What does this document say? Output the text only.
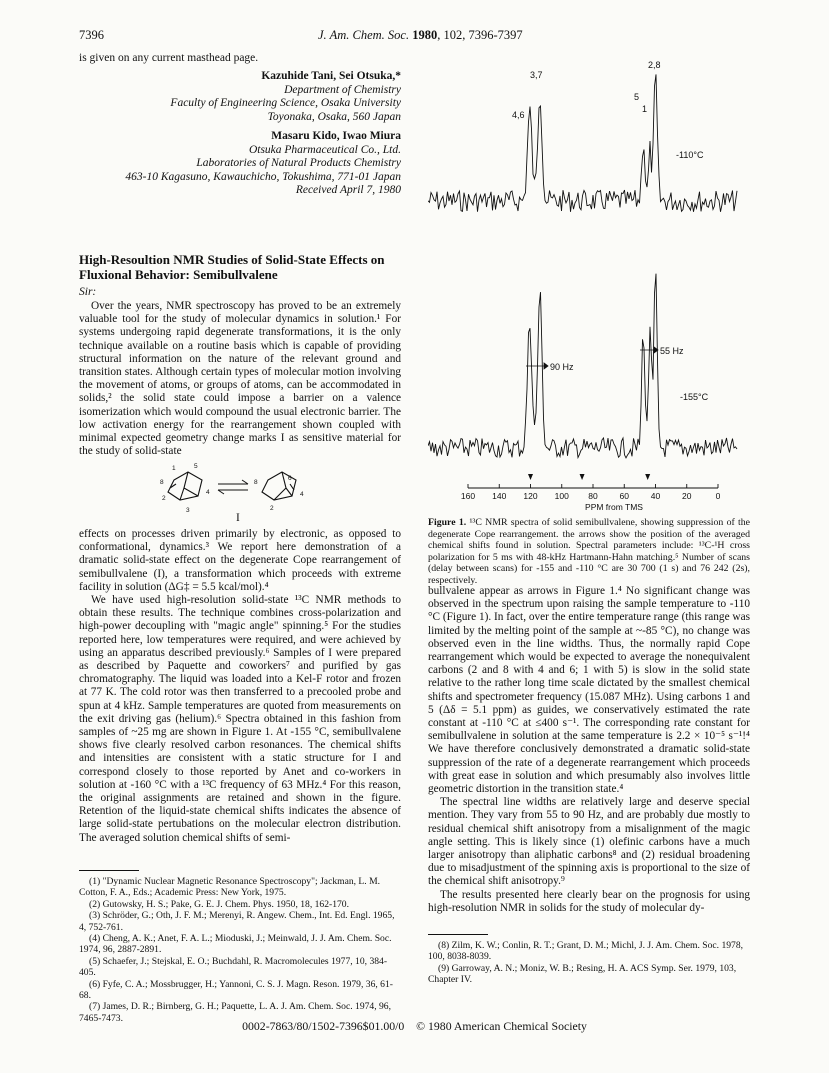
7396	J. Am. Chem. Soc. 1980, 102, 7396-7397
is given on any current masthead page.
Kazuhide Tani, Sei Otsuka,*
Department of Chemistry
Faculty of Engineering Science, Osaka University
Toyonaka, Osaka, 560 Japan
Masaru Kido, Iwao Miura
Otsuka Pharmaceutical Co., Ltd.
Laboratories of Natural Products Chemistry
463-10 Kagasuno, Kawauchicho, Tokushima, 771-01 Japan
Received April 7, 1980
High-Resoultion NMR Studies of Solid-State Effects on Fluxional Behavior: Semibullvalene
Sir:

Over the years, NMR spectroscopy has proved to be an extremely valuable tool for the study of molecular dynamics in solution.¹ For systems undergoing rapid degenerate transformations, it is the only technique available on a routine basis which is capable of providing structural information on the nature of the relevant ground and transition states. Although certain types of molecular motion involving the movement of atoms, or groups of atoms, can be accommodated in solids,² the solid state could impose a barrier on a valence isomerization which would compound the usual electronic barrier. The low activation energy for the rearrangement shown coupled with minimal expected geometry change marks I as sensitive material for the study of solid-state

1	5
8
2
4
3
8
2
6
4
I

effects on processes driven primarily by electronic, as opposed to conformational, dynamics.³ We report here demonstration of a dramatic solid-state effect on the degenerate Cope rearrangement of semibullvalene (I), a transformation which proceeds with extreme facility in solution (ΔG‡ = 5.5 kcal/mol).⁴

We have used high-resolution solid-state ¹³C NMR methods to obtain these results. The technique combines cross-polarization and high-power decoupling with "magic angle" spinning.⁵ For the studies reported here, low temperatures were required, and were achieved by using an apparatus described previously.⁶ Samples of I were prepared as described by Paquette and coworkers⁷ and purified by gas chromatography. The liquid was loaded into a Kel-F rotor and frozen at 77 K. The cold rotor was then transferred to a precooled probe and spun at 4 kHz. Sample temperatures are quoted from measurements on the exit driving gas (helium).⁶ Spectra obtained in this fashion from samples of ~25 mg are shown in Figure 1. At -155 °C, semibullvalene shows five clearly resolved carbon resonances. The chemical shifts and intensities are consistent with a static structure for I and correspond closely to those reported by Anet and co-workers in solution at -160 °C with a ¹³C frequency of 63 MHz.⁴ For this reason, the original assignments are retained and shown in the figure. Retention of the liquid-state chemical shifts indicates the absence of large solid-state pertubations on the molecular electron distribution. The averaged solution chemical shifts of semi-

(1) "Dynamic Nuclear Magnetic Resonance Spectroscopy"; Jackman, L. M. Cotton, F. A., Eds.; Academic Press: New York, 1975.
(2) Gutowsky, H. S.; Pake, G. E. J. Chem. Phys. 1950, 18, 162-170.
(3) Schröder, G.; Oth, J. F. M.; Merenyi, R. Angew. Chem., Int. Ed. Engl. 1965, 4, 752-761.
(4) Cheng, A. K.; Anet, F. A. L.; Mioduski, J.; Meinwald, J. J. Am. Chem. Soc. 1974, 96, 2887-2891.
(5) Schaefer, J.; Stejskal, E. O.; Buchdahl, R. Macromolecules 1977, 10, 384-405.
(6) Fyfe, C. A.; Mossbrugger, H.; Yannoni, C. S. J. Magn. Reson. 1979, 36, 61-68.
(7) James, D. R.; Birnberg, G. H.; Paquette, L. A. J. Am. Chem. Soc. 1974, 96, 7465-7473.
4,6
3,7
2,8
5
1
-110°C
-155°C
90 Hz
55 Hz
160 140 120 100 80	60	40	20	0
PPM from TMS
Figure 1. ¹³C NMR spectra of solid semibullvalene, showing suppression of the degenerate Cope rearrangement. the arrows show the position of the averaged chemical shifts found in solution. Spectral parameters include: ¹³C-¹H cross polarization for 5 ms with 48-kHz Hartmann-Hahn matching.⁵ Number of scans (delay between scans) for -155 and -110 °C are 30 700 (1 s) and 76 242 (2s), respectively.

bullvalene appear as arrows in Figure 1.⁴ No significant change was observed in the spectrum upon raising the sample temperature to -110 °C (Figure 1). In fact, over the entire temperature range (this range was limited by the melting point of the sample at ~-85 °C), no change was observed even in the line widths. Thus, the normally rapid Cope rearrangement which would be expected to average the nonequivalent carbons (2 and 8 with 4 and 6; 1 with 5) is slow in the solid state relative to the rather long time scale dictated by the smallest chemical shifts and spectrometer frequency (15.087 MHz). Using carbons 1 and 5 (Δδ = 5.1 ppm) as guides, we conservatively estimated the rate constant at -110 °C at ≤400 s⁻¹. The corresponding rate constant for semibullvalene in solution at the same temperature is 2.2 × 10⁻⁵ s⁻¹!⁴ We have therefore conclusively demonstrated a dramatic solid-state suppression of the rate of a degenerate rearrangement which proceeds with great ease in solution and which presumably also involves little geometric distortion in the transition state.⁴

The spectral line widths are relatively large and deserve special mention. They vary from 55 to 90 Hz, and are probably due mostly to residual chemical shift anisotropy from a misalignment of the magic angle setting. This is likely since (1) olefinic carbons have a much larger anisotropy than aliphatic carbons⁸ and (2) residual broadening due to misadjustment of the spinning axis is proportional to the size of the chemical shift anisotropy.⁹

The results presented here clearly bear on the prognosis for using high-resolution NMR in solids for the study of molecular dy-

(8) Zilm, K. W.; Conlin, R. T.; Grant, D. M.; Michl, J. J. Am. Chem. Soc. 1978, 100, 8038-8039.
(9) Garroway, A. N.; Moniz, W. B.; Resing, H. A. ACS Symp. Ser. 1979, 103, Chapter IV.
0002-7863/80/1502-7396$01.00/0 © 1980 American Chemical Society
